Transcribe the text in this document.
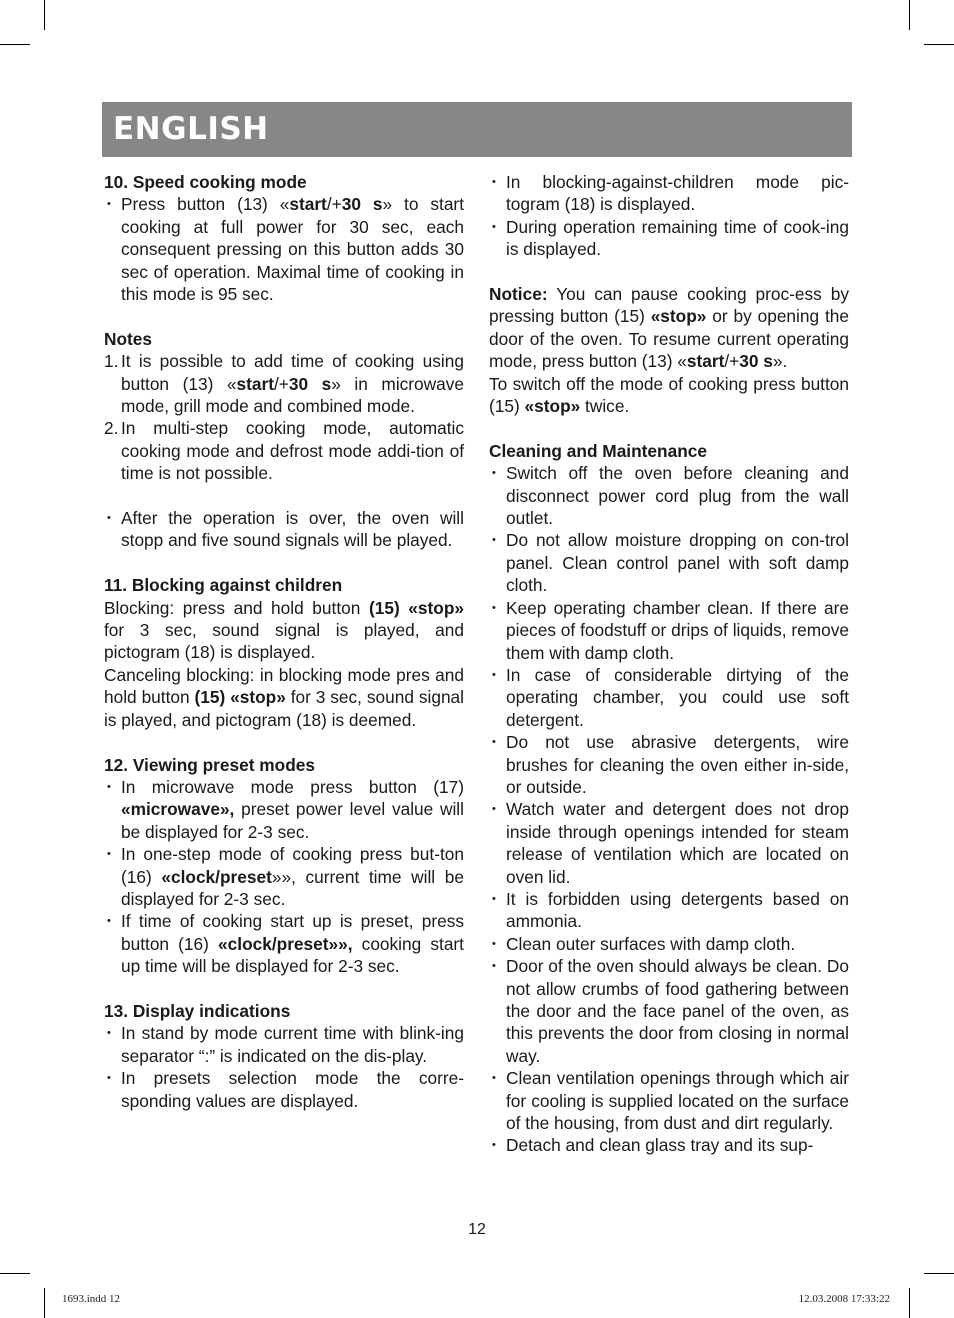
ENGLISH
10. Speed cooking mode
• Press button (13) «start/+30 s» to start cooking at full power for 30 sec, each consequent pressing on this button adds 30 sec of operation. Maximal time of cooking in this mode is 95 sec.
Notes
1. It is possible to add time of cooking using button (13) «start/+30 s» in microwave mode, grill mode and combined mode.
2. In multi-step cooking mode, automatic cooking mode and defrost mode addi-tion of time is not possible.
• After the operation is over, the oven will stopp and five sound signals will be played.
11. Blocking against children
Blocking: press and hold button (15) «stop» for 3 sec, sound signal is played, and pictogram (18) is displayed.
Canceling blocking: in blocking mode pres and hold button (15) «stop» for 3 sec, sound signal is played, and pictogram (18) is deemed.
12. Viewing preset modes
• In microwave mode press button (17) «microwave», preset power level value will be displayed for 2-3 sec.
• In one-step mode of cooking press but-ton (16) «clock/preset»», current time will be displayed for 2-3 sec.
• If time of cooking start up is preset, press button (16) «clock/preset»», cooking start up time will be displayed for 2-3 sec.
13. Display indications
• In stand by mode current time with blink-ing separator “:” is indicated on the dis-play.
• In presets selection mode the corre-sponding values are displayed.
• In blocking-against-children mode pic-togram (18) is displayed.
• During operation remaining time of cook-ing is displayed.
Notice: You can pause cooking proc-ess by pressing button (15) «stop» or by opening the door of the oven. To resume current operating mode, press button (13) «start/+30 s».
To switch off the mode of cooking press button (15) «stop» twice.
Cleaning and Maintenance
• Switch off the oven before cleaning and disconnect power cord plug from the wall outlet.
• Do not allow moisture dropping on con-trol panel. Clean control panel with soft damp cloth.
• Keep operating chamber clean. If there are pieces of foodstuff or drips of liquids, remove them with damp cloth.
• In case of considerable dirtying of the operating chamber, you could use soft detergent.
• Do not use abrasive detergents, wire brushes for cleaning the oven either in-side, or outside.
• Watch water and detergent does not drop inside through openings intended for steam release of ventilation which are located on oven lid.
• It is forbidden using detergents based on ammonia.
• Clean outer surfaces with damp cloth.
• Door of the oven should always be clean. Do not allow crumbs of food gathering between the door and the face panel of the oven, as this prevents the door from closing in normal way.
• Clean ventilation openings through which air for cooling is supplied located on the surface of the housing, from dust and dirt regularly.
• Detach and clean glass tray and its sup-
12
1693.indd 12	12.03.2008 17:33:22
